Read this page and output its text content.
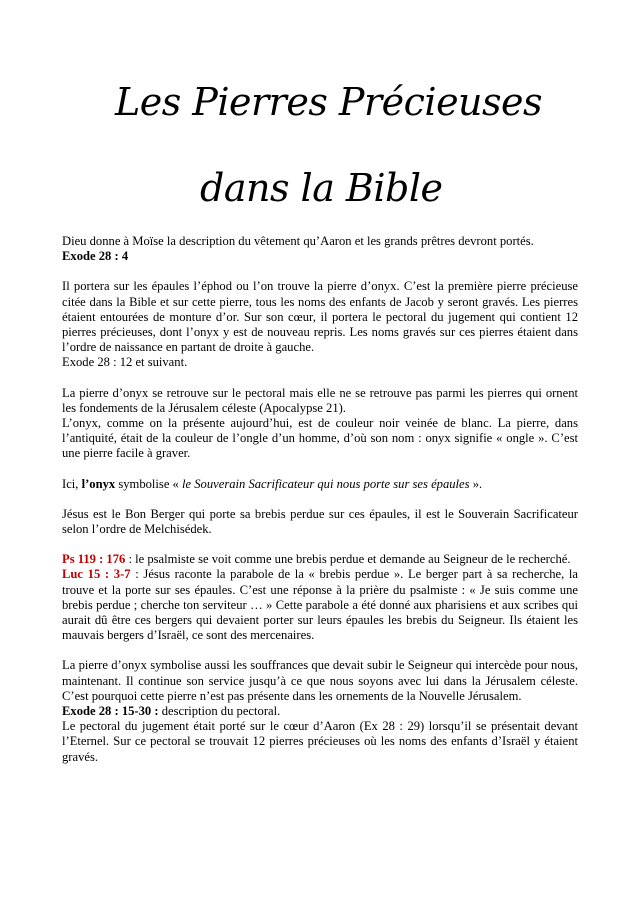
Les Pierres Précieuses
dans la Bible

Dieu donne à Moïse la description du vêtement qu’Aaron et les grands prêtres devront portés.
Exode 28 : 4

Il portera sur les épaules l’éphod ou l’on trouve la pierre d’onyx. C’est la première pierre précieuse citée dans la Bible et sur cette pierre, tous les noms des enfants de Jacob y seront gravés. Les pierres étaient entourées de monture d’or. Sur son cœur, il portera le pectoral du jugement qui contient 12 pierres précieuses, dont l’onyx y est de nouveau repris. Les noms gravés sur ces pierres étaient dans l’ordre de naissance en partant de droite à gauche.
Exode 28 : 12 et suivant.

La pierre d’onyx se retrouve sur le pectoral mais elle ne se retrouve pas parmi les pierres qui ornent les fondements de la Jérusalem céleste (Apocalypse 21).
L’onyx, comme on la présente aujourd’hui, est de couleur noir veinée de blanc. La pierre, dans l’antiquité, était de la couleur de l’ongle d’un homme, d’où son nom : onyx signifie « ongle ». C’est une pierre facile à graver.

Ici, l’onyx symbolise « le Souverain Sacrificateur qui nous porte sur ses épaules ».

Jésus est le Bon Berger qui porte sa brebis perdue sur ces épaules, il est le Souverain Sacrificateur selon l’ordre de Melchisédek.

Ps 119 : 176 : le psalmiste se voit comme une brebis perdue et demande au Seigneur de le recherché.
Luc 15 : 3-7 : Jésus raconte la parabole de la « brebis perdue ». Le berger part à sa recherche, la trouve et la porte sur ses épaules. C’est une réponse à la prière du psalmiste : « Je suis comme une brebis perdue ; cherche ton serviteur … » Cette parabole a été donné aux pharisiens et aux scribes qui aurait dû être ces bergers qui devaient porter sur leurs épaules les brebis du Seigneur. Ils étaient les mauvais bergers d’Israël, ce sont des mercenaires.

La pierre d’onyx symbolise aussi les souffrances que devait subir le Seigneur qui intercède pour nous, maintenant. Il continue son service jusqu’à ce que nous soyons avec lui dans la Jérusalem céleste. C’est pourquoi cette pierre n’est pas présente dans les ornements de la Nouvelle Jérusalem.
Exode 28 : 15-30 : description du pectoral.
Le pectoral du jugement était porté sur le cœur d’Aaron (Ex 28 : 29) lorsqu’il se présentait devant l’Eternel. Sur ce pectoral se trouvait 12 pierres précieuses où les noms des enfants d’Israël y étaient gravés.
